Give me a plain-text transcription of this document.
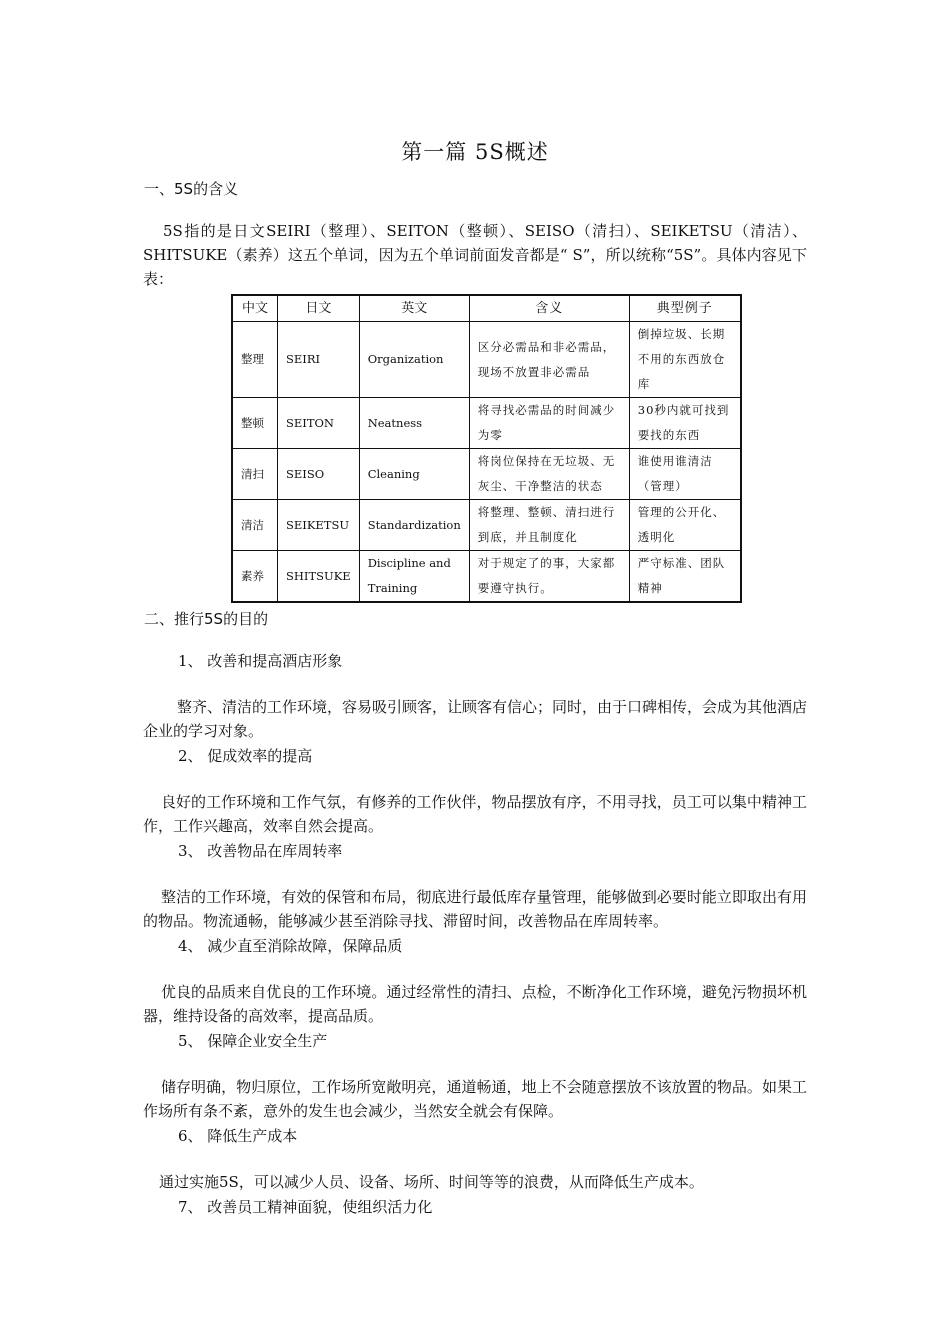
第一篇 5S概述
一、5S的含义
5S指的是日文SEIRI（整理）、SEITON（整顿）、SEISO（清扫）、SEIKETSU（清洁）、SHITSUKE（素养）这五个单词，因为五个单词前面发音都是“ S”，所以统称“5S”。具体内容见下表：
中文	日文	英文	含义	典型例子
整理	SEIRI	Organization	区分必需品和非必需品，现场不放置非必需品	倒掉垃圾、长期不用的东西放仓库
整顿	SEITON	Neatness	将寻找必需品的时间减少为零	30秒内就可找到要找的东西
清扫	SEISO	Cleaning	将岗位保持在无垃圾、无灰尘、干净整洁的状态	谁使用谁清洁（管理）
清洁	SEIKETSU	Standardization	将整理、整顿、清扫进行到底，并且制度化	管理的公开化、透明化
素养	SHITSUKE	Discipline and Training	对于规定了的事，大家都要遵守执行。	严守标准、团队精神
二、推行5S的目的
1、 改善和提高酒店形象
整齐、清洁的工作环境，容易吸引顾客，让顾客有信心；同时，由于口碑相传，会成为其他酒店企业的学习对象。
2、 促成效率的提高
良好的工作环境和工作气氛，有修养的工作伙伴，物品摆放有序，不用寻找，员工可以集中精神工作，工作兴趣高，效率自然会提高。
3、 改善物品在库周转率
整洁的工作环境，有效的保管和布局，彻底进行最低库存量管理，能够做到必要时能立即取出有用的物品。物流通畅，能够减少甚至消除寻找、滞留时间，改善物品在库周转率。
4、 减少直至消除故障，保障品质
优良的品质来自优良的工作环境。通过经常性的清扫、点检，不断净化工作环境，避免污物损坏机器，维持设备的高效率，提高品质。
5、 保障企业安全生产
储存明确，物归原位，工作场所宽敞明亮，通道畅通，地上不会随意摆放不该放置的物品。如果工作场所有条不紊，意外的发生也会减少，当然安全就会有保障。
6、 降低生产成本
通过实施5S，可以减少人员、设备、场所、时间等等的浪费，从而降低生产成本。
7、 改善员工精神面貌，使组织活力化
